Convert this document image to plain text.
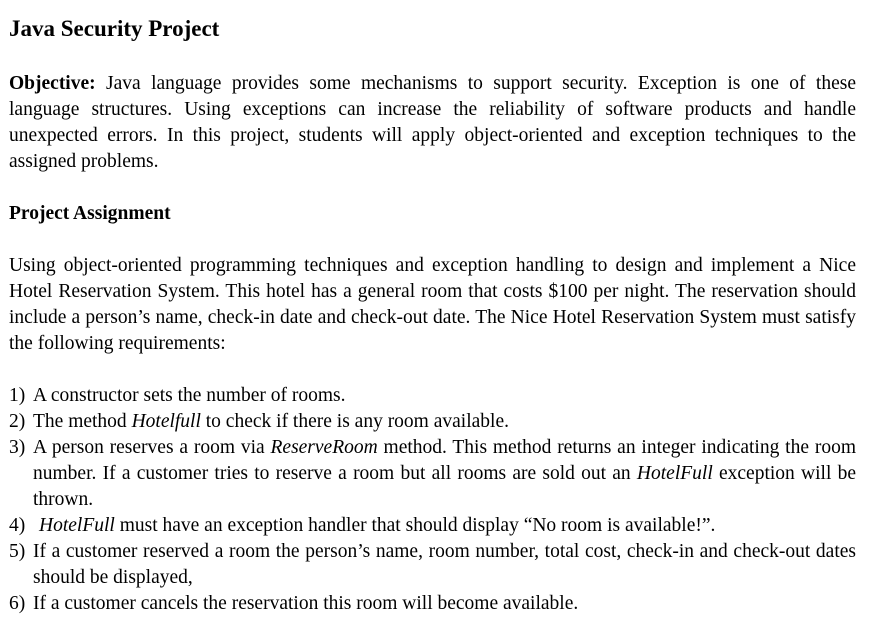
Java Security Project

Objective: Java language provides some mechanisms to support security. Exception is one of these language structures. Using exceptions can increase the reliability of software products and handle unexpected errors. In this project, students will apply object-oriented and exception techniques to the assigned problems.

Project Assignment

Using object-oriented programming techniques and exception handling to design and implement a Nice Hotel Reservation System. This hotel has a general room that costs $100 per night. The reservation should include a person’s name, check-in date and check-out date. The Nice Hotel Reservation System must satisfy the following requirements:

1) A constructor sets the number of rooms.
2) The method Hotelfull to check if there is any room available.
3) A person reserves a room via ReserveRoom method. This method returns an integer indicating the room number. If a customer tries to reserve a room but all rooms are sold out an HotelFull exception will be thrown.
4) HotelFull must have an exception handler that should display “No room is available!”.
5) If a customer reserved a room the person’s name, room number, total cost, check-in and check-out dates should be displayed,
6) If a customer cancels the reservation this room will become available.
